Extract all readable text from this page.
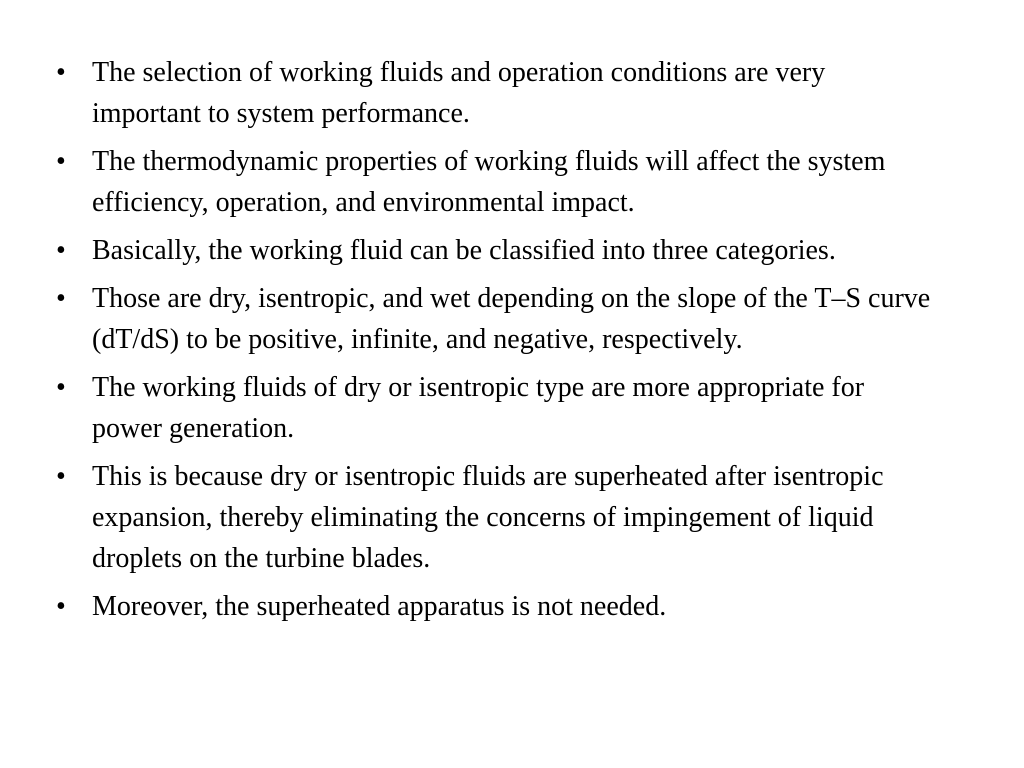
• The selection of working fluids and operation conditions are very important to system performance.
• The thermodynamic properties of working fluids will affect the system efficiency, operation, and environmental impact.
• Basically, the working fluid can be classified into three categories.
• Those are dry, isentropic, and wet depending on the slope of the T–S curve (dT/dS) to be positive, infinite, and negative, respectively.
• The working fluids of dry or isentropic type are more appropriate for power generation.
• This is because dry or isentropic fluids are superheated after isentropic expansion, thereby eliminating the concerns of impingement of liquid droplets on the turbine blades.
• Moreover, the superheated apparatus is not needed.
